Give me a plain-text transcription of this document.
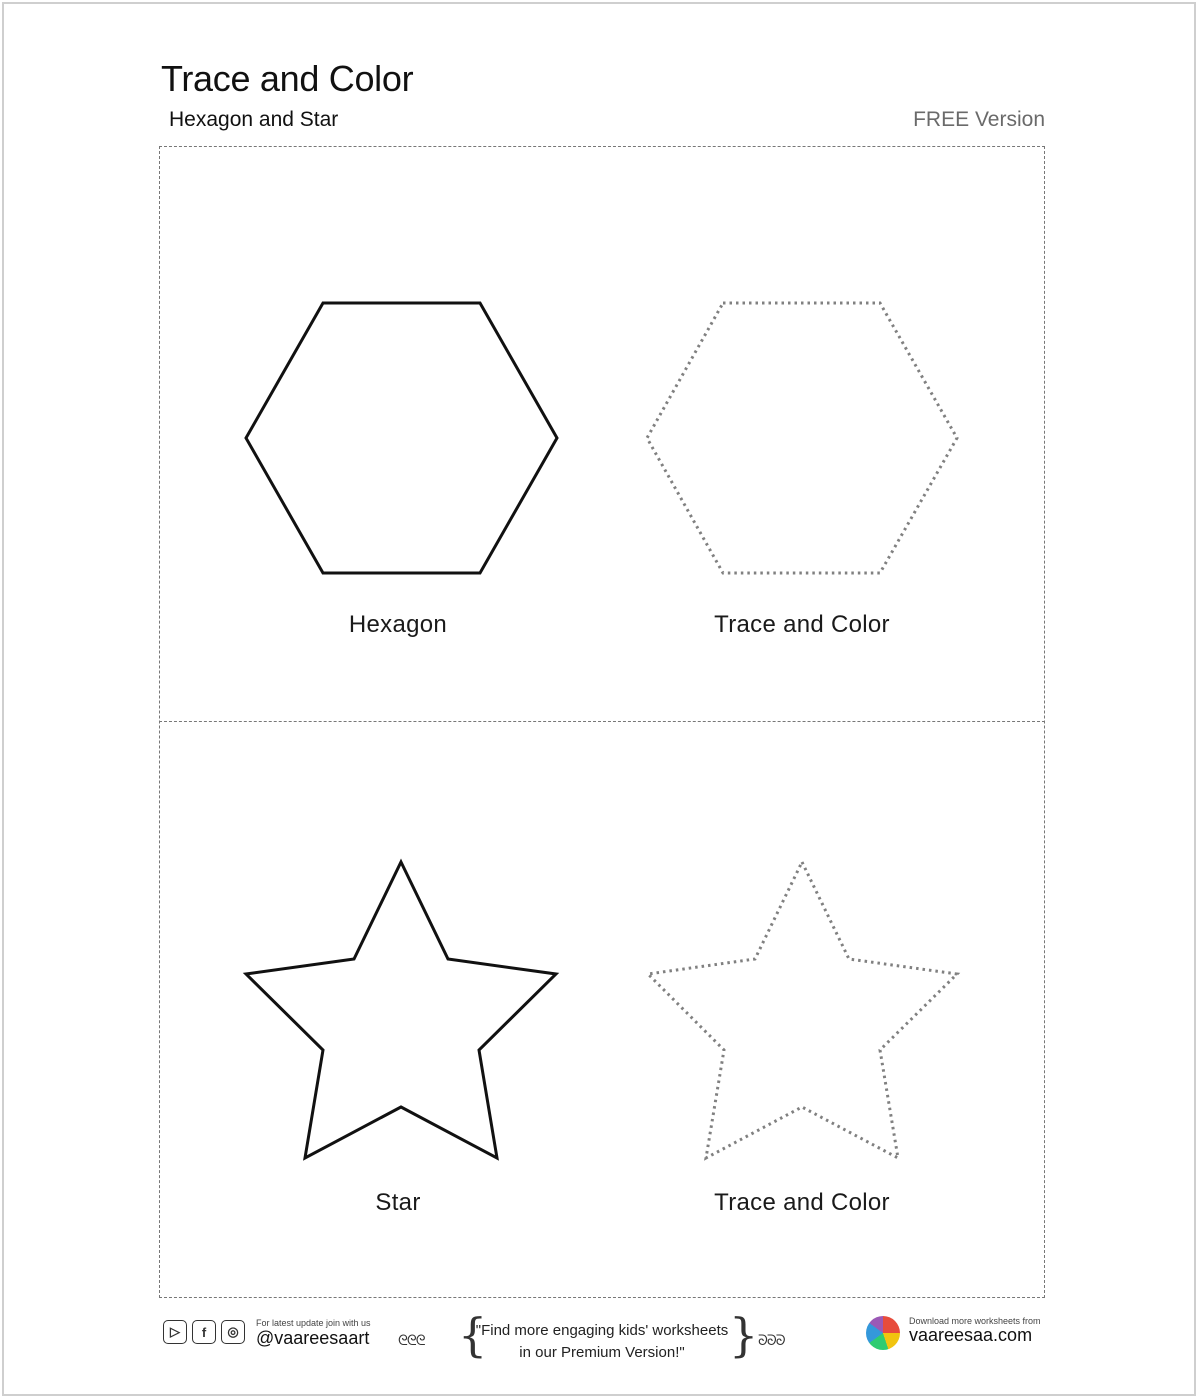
Trace and Color
Hexagon and Star	FREE Version
Hexagon	Trace and Color
Star	Trace and Color
▷	f	◎
For latest update join with us
@vaareesaart ᘓᘓᘓ {
"Find more engaging kids' worksheets
in our Premium Version!" } ᘐᘐᘐ
Download more worksheets from
vaareesaa.com
